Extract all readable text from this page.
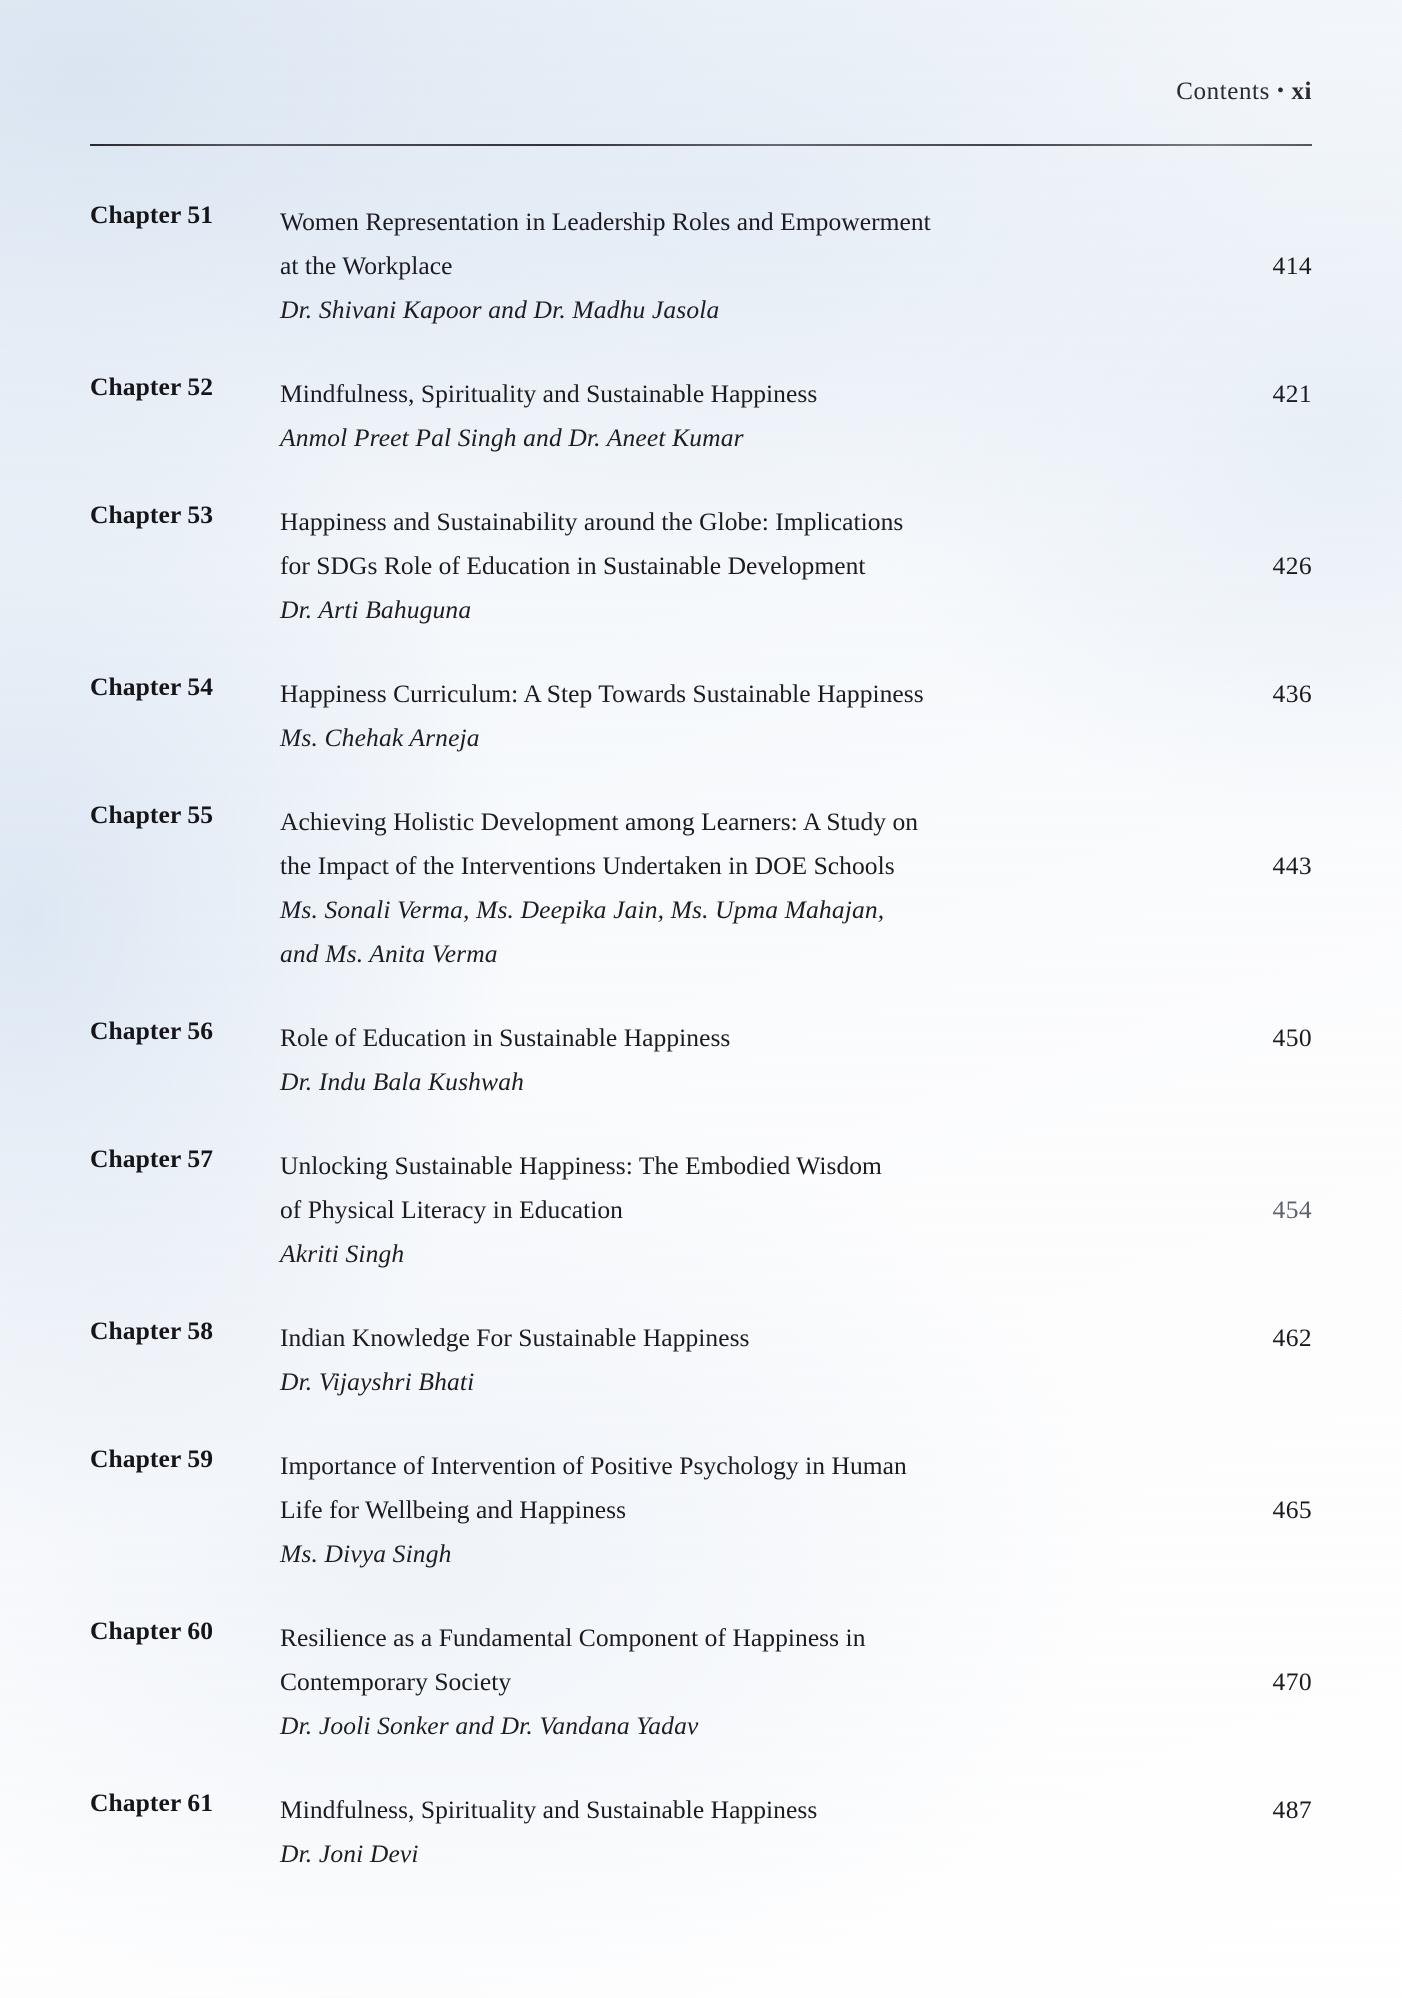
Contents • xi
Chapter 51	Women Representation in Leadership Roles and Empowerment
at the Workplace	414
Dr. Shivani Kapoor and Dr. Madhu Jasola
Chapter 52	Mindfulness, Spirituality and Sustainable Happiness	421
Anmol Preet Pal Singh and Dr. Aneet Kumar
Chapter 53	Happiness and Sustainability around the Globe: Implications
for SDGs Role of Education in Sustainable Development	426
Dr. Arti Bahuguna
Chapter 54	Happiness Curriculum: A Step Towards Sustainable Happiness	436
Ms. Chehak Arneja
Chapter 55	Achieving Holistic Development among Learners: A Study on
the Impact of the Interventions Undertaken in DOE Schools	443
Ms. Sonali Verma, Ms. Deepika Jain, Ms. Upma Mahajan,
and Ms. Anita Verma
Chapter 56	Role of Education in Sustainable Happiness	450
Dr. Indu Bala Kushwah
Chapter 57	Unlocking Sustainable Happiness: The Embodied Wisdom
of Physical Literacy in Education	454
Akriti Singh
Chapter 58	Indian Knowledge For Sustainable Happiness	462
Dr. Vijayshri Bhati
Chapter 59	Importance of Intervention of Positive Psychology in Human
Life for Wellbeing and Happiness	465
Ms. Divya Singh
Chapter 60	Resilience as a Fundamental Component of Happiness in
Contemporary Society	470
Dr. Jooli Sonker and Dr. Vandana Yadav
Chapter 61	Mindfulness, Spirituality and Sustainable Happiness	487
Dr. Joni Devi
